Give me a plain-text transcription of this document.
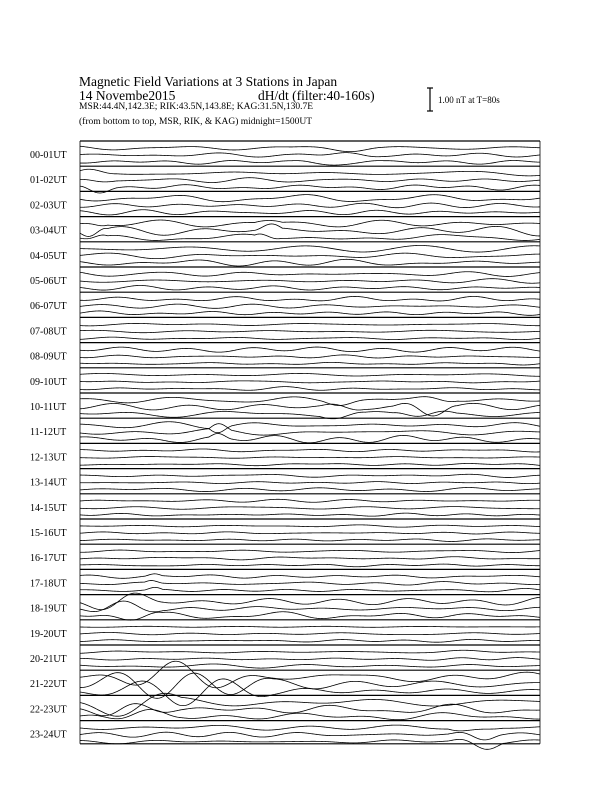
Magnetic Field Variations at 3 Stations in Japan
14 Novembe2015	dH/dt (filter:40-160s)
MSR:44.4N,142.3E; RIK:43.5N,143.8E; KAG:31.5N,130.7E
(from bottom to top, MSR, RIK, & KAG) midnight=1500UT
1.00 nT at T=80s
00-01UT
01-02UT
02-03UT
03-04UT
04-05UT
05-06UT
06-07UT
07-08UT
08-09UT
09-10UT
10-11UT
11-12UT
12-13UT
13-14UT
14-15UT
15-16UT
16-17UT
17-18UT
18-19UT
19-20UT
20-21UT
21-22UT
22-23UT
23-24UT
